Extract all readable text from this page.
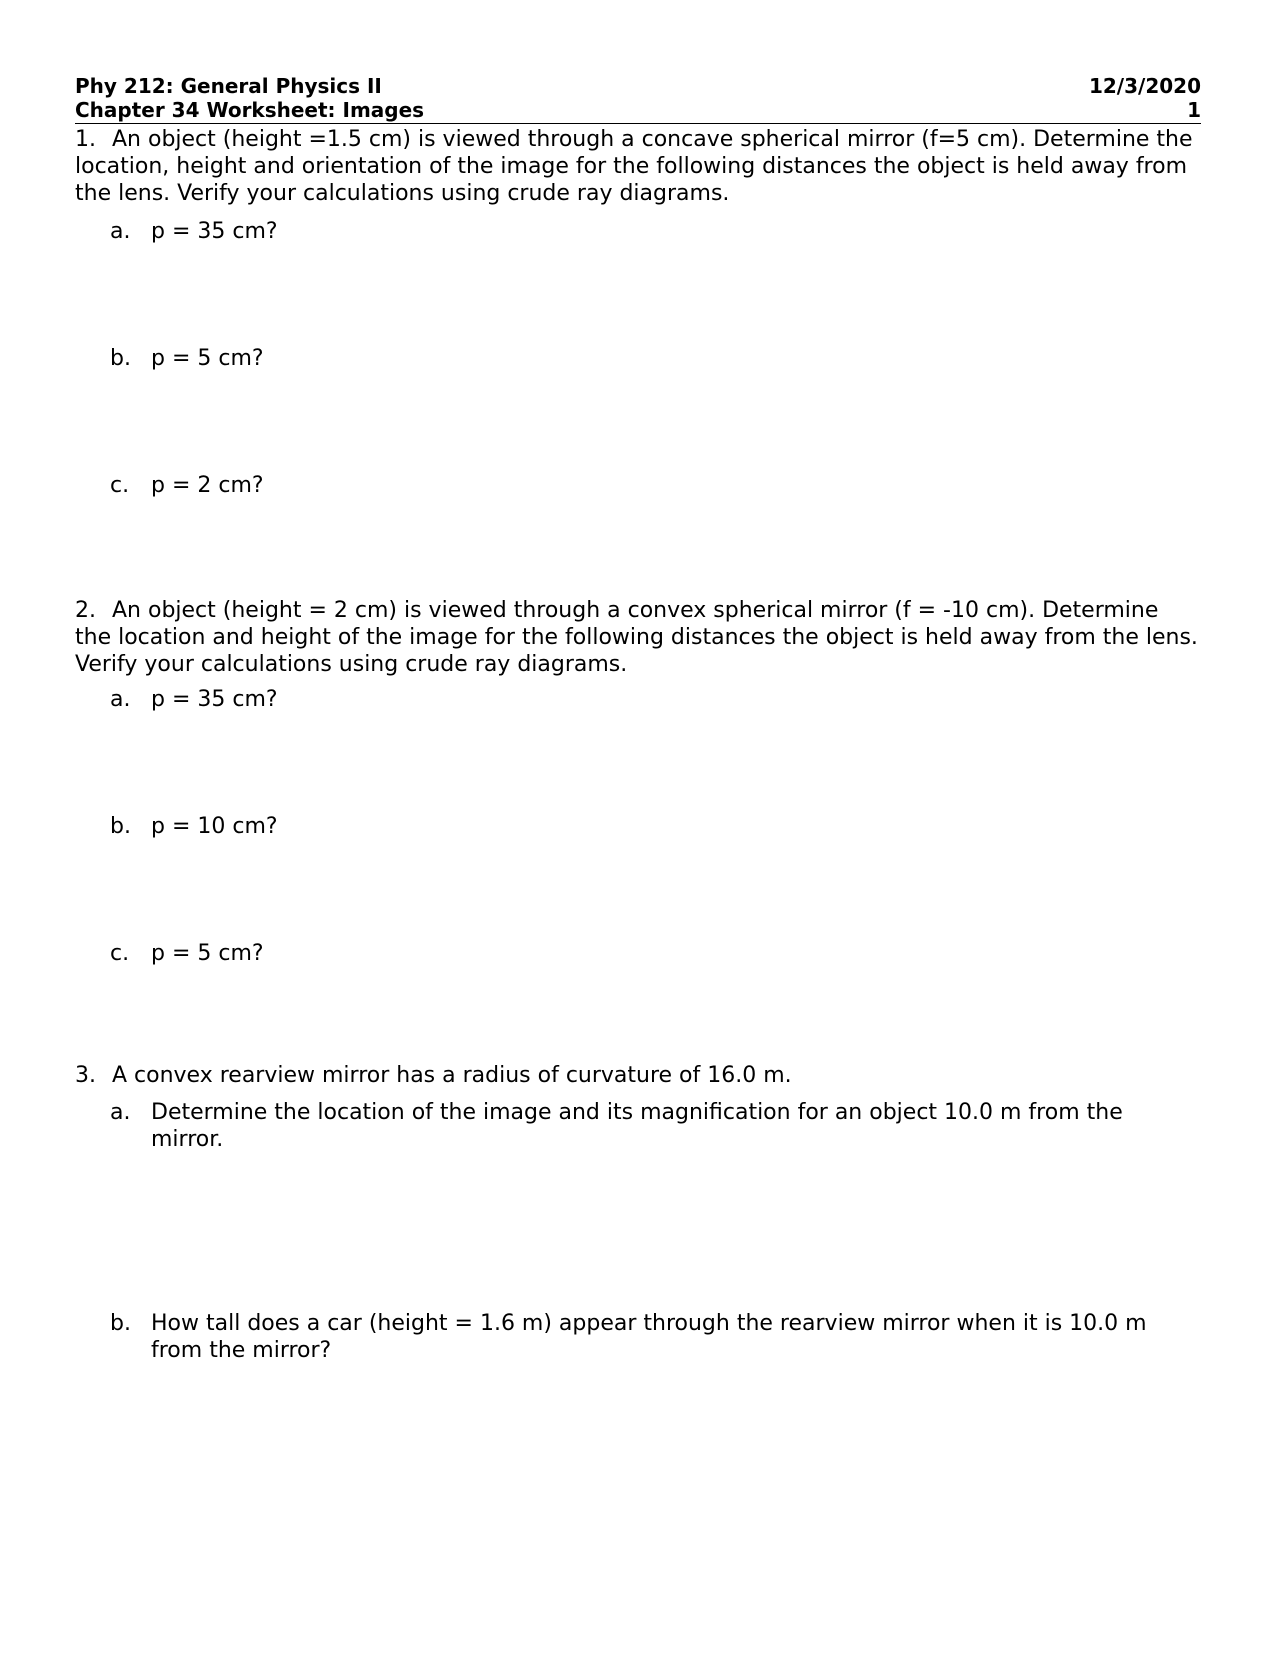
Phy 212: General Physics II	12/3/2020
Chapter 34 Worksheet: Images	1

1. An object (height =1.5 cm) is viewed through a concave spherical mirror (f=5 cm). Determine the location, height and orientation of the image for the following distances the object is held away from the lens. Verify your calculations using crude ray diagrams.

a. p = 35 cm?

b. p = 5 cm?

c. p = 2 cm?

2. An object (height = 2 cm) is viewed through a convex spherical mirror (f = -10 cm). Determine the location and height of the image for the following distances the object is held away from the lens. Verify your calculations using crude ray diagrams.

a. p = 35 cm?

b. p = 10 cm?

c. p = 5 cm?

3. A convex rearview mirror has a radius of curvature of 16.0 m.

a. Determine the location of the image and its magnification for an object 10.0 m from the mirror.

b. How tall does a car (height = 1.6 m) appear through the rearview mirror when it is 10.0 m from the mirror?
